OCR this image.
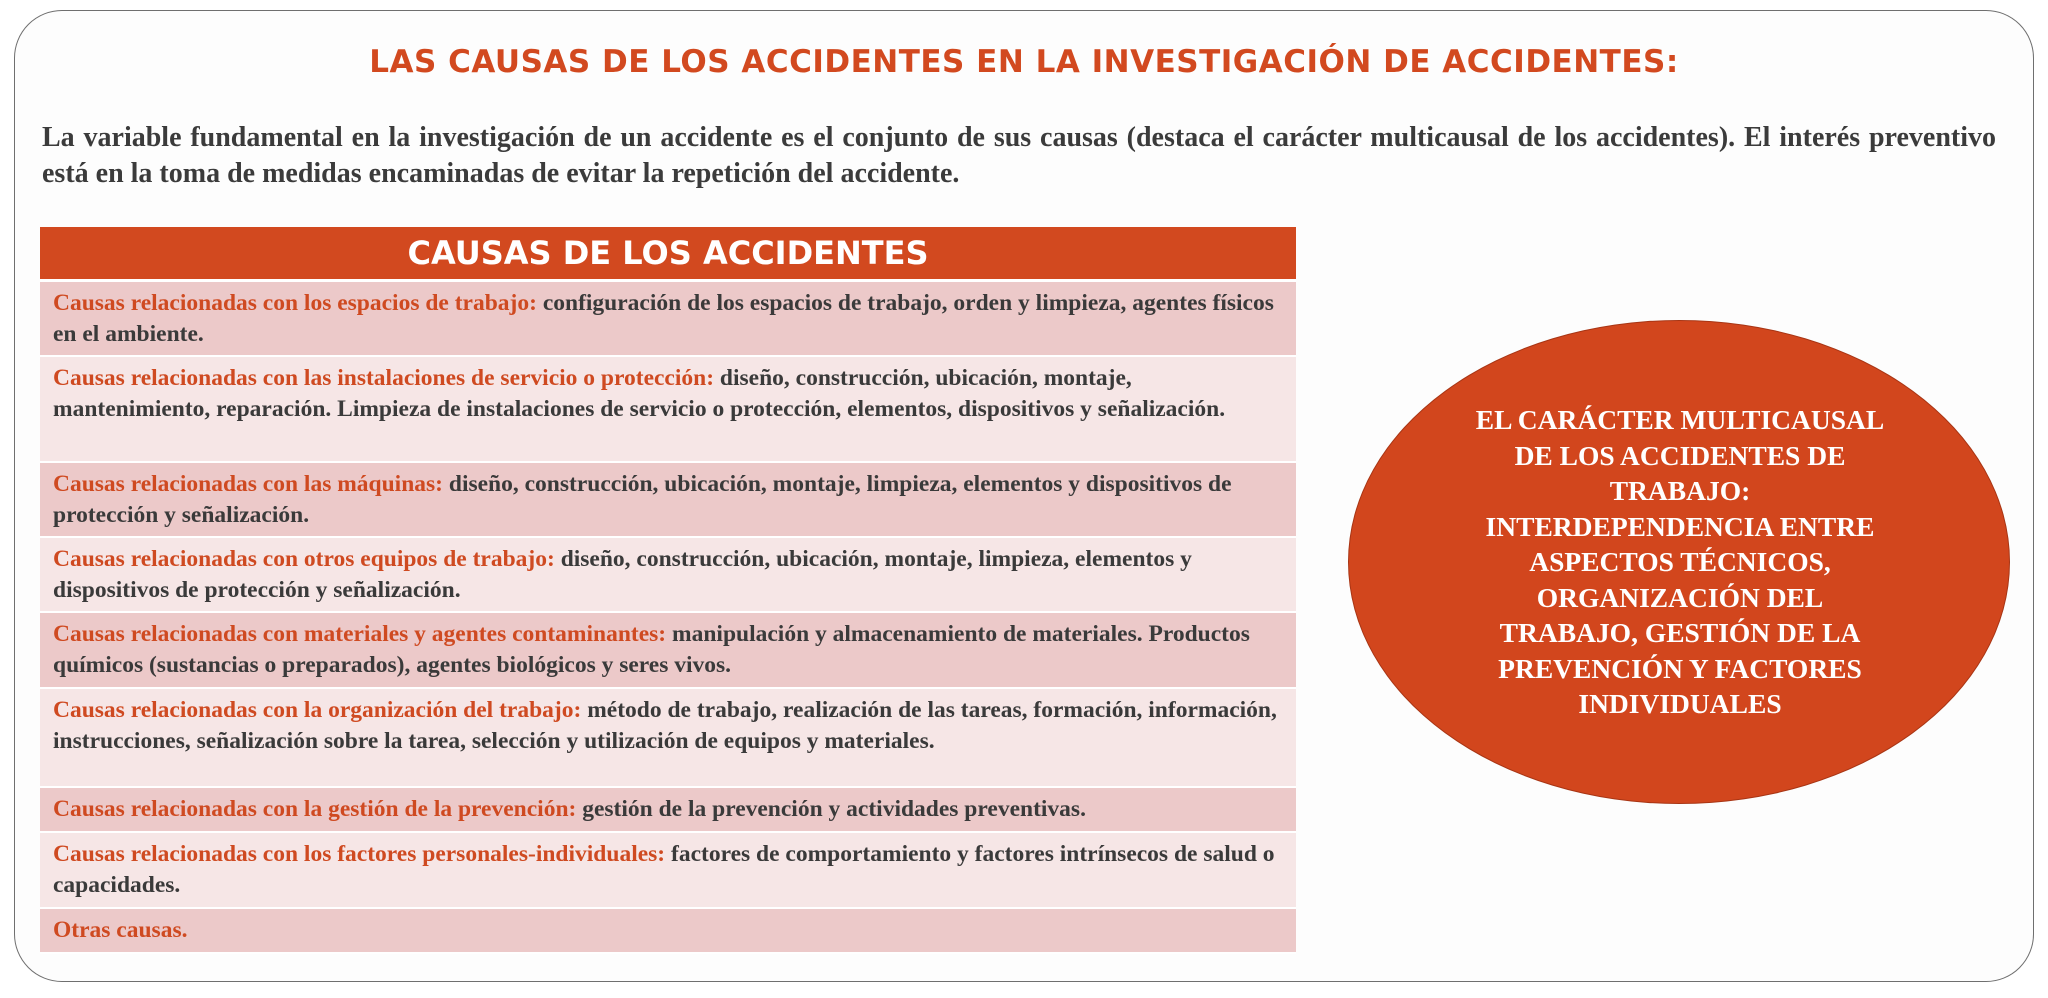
LAS CAUSAS DE LOS ACCIDENTES EN LA INVESTIGACIÓN DE ACCIDENTES:
La variable fundamental en la investigación de un accidente es el conjunto de sus causas (destaca el carácter multicausal de los accidentes). El interés preventivo está en la toma de medidas encaminadas de evitar la repetición del accidente.
CAUSAS DE LOS ACCIDENTES
Causas relacionadas con los espacios de trabajo: configuración de los espacios de trabajo, orden y limpieza, agentes físicos en el ambiente.
Causas relacionadas con las instalaciones de servicio o protección: diseño, construcción, ubicación, montaje, mantenimiento, reparación. Limpieza de instalaciones de servicio o protección, elementos, dispositivos y señalización.
Causas relacionadas con las máquinas: diseño, construcción, ubicación, montaje, limpieza, elementos y dispositivos de protección y señalización.
Causas relacionadas con otros equipos de trabajo: diseño, construcción, ubicación, montaje, limpieza, elementos y dispositivos de protección y señalización.
Causas relacionadas con materiales y agentes contaminantes: manipulación y almacenamiento de materiales. Productos químicos (sustancias o preparados), agentes biológicos y seres vivos.
Causas relacionadas con la organización del trabajo: método de trabajo, realización de las tareas, formación, información, instrucciones, señalización sobre la tarea, selección y utilización de equipos y materiales.
Causas relacionadas con la gestión de la prevención: gestión de la prevención y actividades preventivas.
Causas relacionadas con los factores personales-individuales: factores de comportamiento y factores intrínsecos de salud o capacidades.
Otras causas.
EL CARÁCTER MULTICAUSAL
DE LOS ACCIDENTES DE
TRABAJO:
INTERDEPENDENCIA ENTRE
ASPECTOS TÉCNICOS,
ORGANIZACIÓN DEL
TRABAJO, GESTIÓN DE LA
PREVENCIÓN Y FACTORES
INDIVIDUALES
